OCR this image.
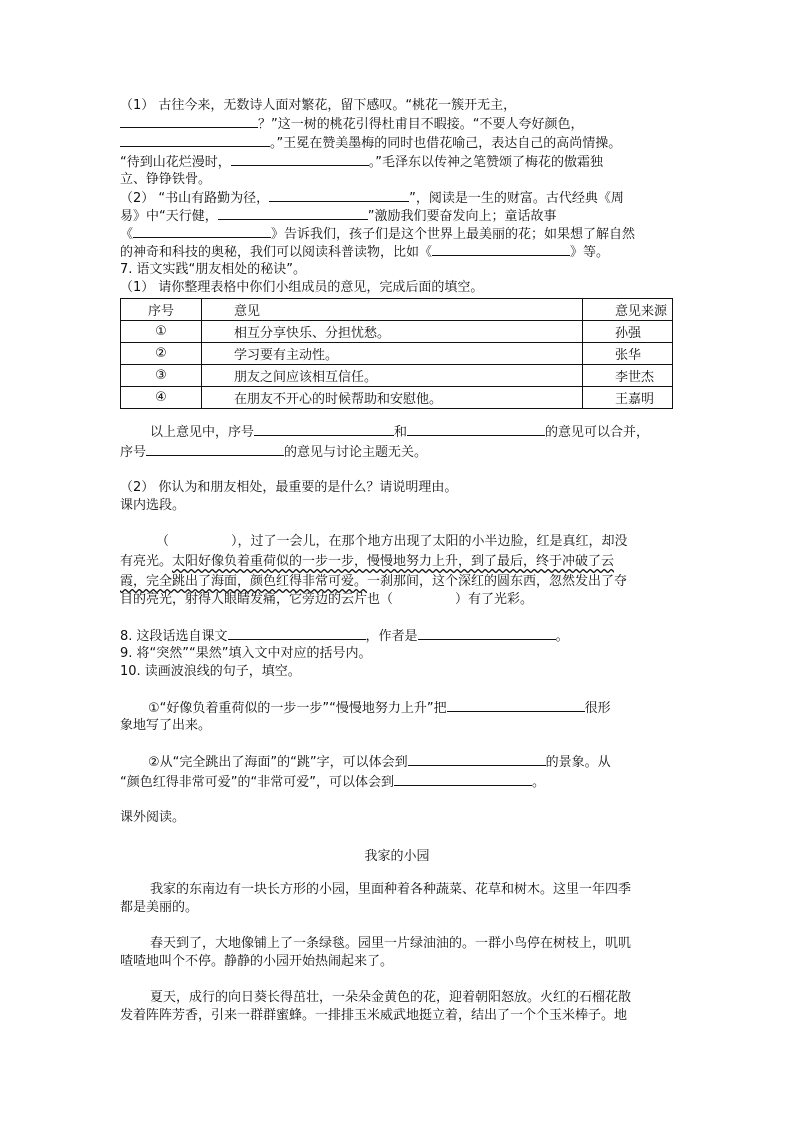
（1） 古往今来，无数诗人面对繁花，留下感叹。“桃花一簇开无主，
？”这一树的桃花引得杜甫目不暇接。“不要人夸好颜色，
。”王冕在赞美墨梅的同时也借花喻己，表达自己的高尚情操。
“待到山花烂漫时，	。”毛泽东以传神之笔赞颂了梅花的傲霜独
立、铮铮铁骨。
（2） “书山有路勤为径，	”，阅读是一生的财富。古代经典《周
易》中“天行健，	”激励我们要奋发向上；童话故事
《	》告诉我们，孩子们是这个世界上最美丽的花；如果想了解自然
的神奇和科技的奥秘，我们可以阅读科普读物，比如《	》等。
7. 语文实践“朋友相处的秘诀”。
（1） 请你整理表格中你们小组成员的意见，完成后面的填空。
序号	意见	意见来源
①	相互分享快乐、分担忧愁。	孙强
②	学习要有主动性。	张华
③	朋友之间应该相互信任。	李世杰
④	在朋友不开心的时候帮助和安慰他。	王嘉明
以上意见中，序号	和	的意见可以合并，
序号	的意见与讨论主题无关。
（2） 你认为和朋友相处，最重要的是什么？请说明理由。
课内选段。
（	），过了一会儿，在那个地方出现了太阳的小半边脸，红是真红，却没
有亮光。太阳好像负着重荷似的一步一步，慢慢地努力上升，到了最后，终于冲破了云
霞，完全跳出了海面，颜色红得非常可爱。一刹那间，这个深红的圆东西，忽然发出了夺
目的亮光，射得人眼睛发痛，它旁边的云片也（	）有了光彩。
8. 这段话选自课文	，作者是	。
9. 将“突然”“果然”填入文中对应的括号内。
10. 读画波浪线的句子，填空。
①“好像负着重荷似的一步一步”“慢慢地努力上升”把	很形
象地写了出来。
②从“完全跳出了海面”的“跳”字，可以体会到	的景象。从
“颜色红得非常可爱”的“非常可爱”，可以体会到	。
课外阅读。
我家的小园
我家的东南边有一块长方形的小园，里面种着各种蔬菜、花草和树木。这里一年四季
都是美丽的。
春天到了，大地像铺上了一条绿毯。园里一片绿油油的。一群小鸟停在树枝上，叽叽
喳喳地叫个不停。静静的小园开始热闹起来了。
夏天，成行的向日葵长得茁壮，一朵朵金黄色的花，迎着朝阳怒放。火红的石榴花散
发着阵阵芳香，引来一群群蜜蜂。一排排玉米威武地挺立着，结出了一个个玉米棒子。地
